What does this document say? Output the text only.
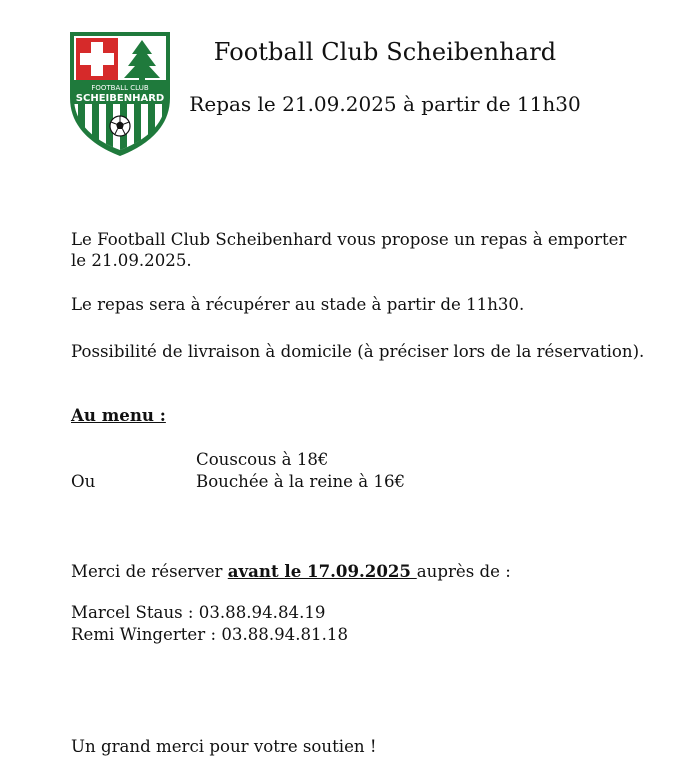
FOOTBALL CLUB
SCHEIBENHARD
Football Club Scheibenhard
Repas le 21.09.2025 à partir de 11h30

Le Football Club Scheibenhard vous propose un repas à emporter le 21.09.2025.

Le repas sera à récupérer au stade à partir de 11h30.

Possibilité de livraison à domicile (à préciser lors de la réservation).

Au menu :
Couscous à 18€
Ou	Bouchée à la reine à 16€

Merci de réserver avant le 17.09.2025 auprès de :

Marcel Staus : 03.88.94.84.19
Remi Wingerter : 03.88.94.81.18

Un grand merci pour votre soutien !
